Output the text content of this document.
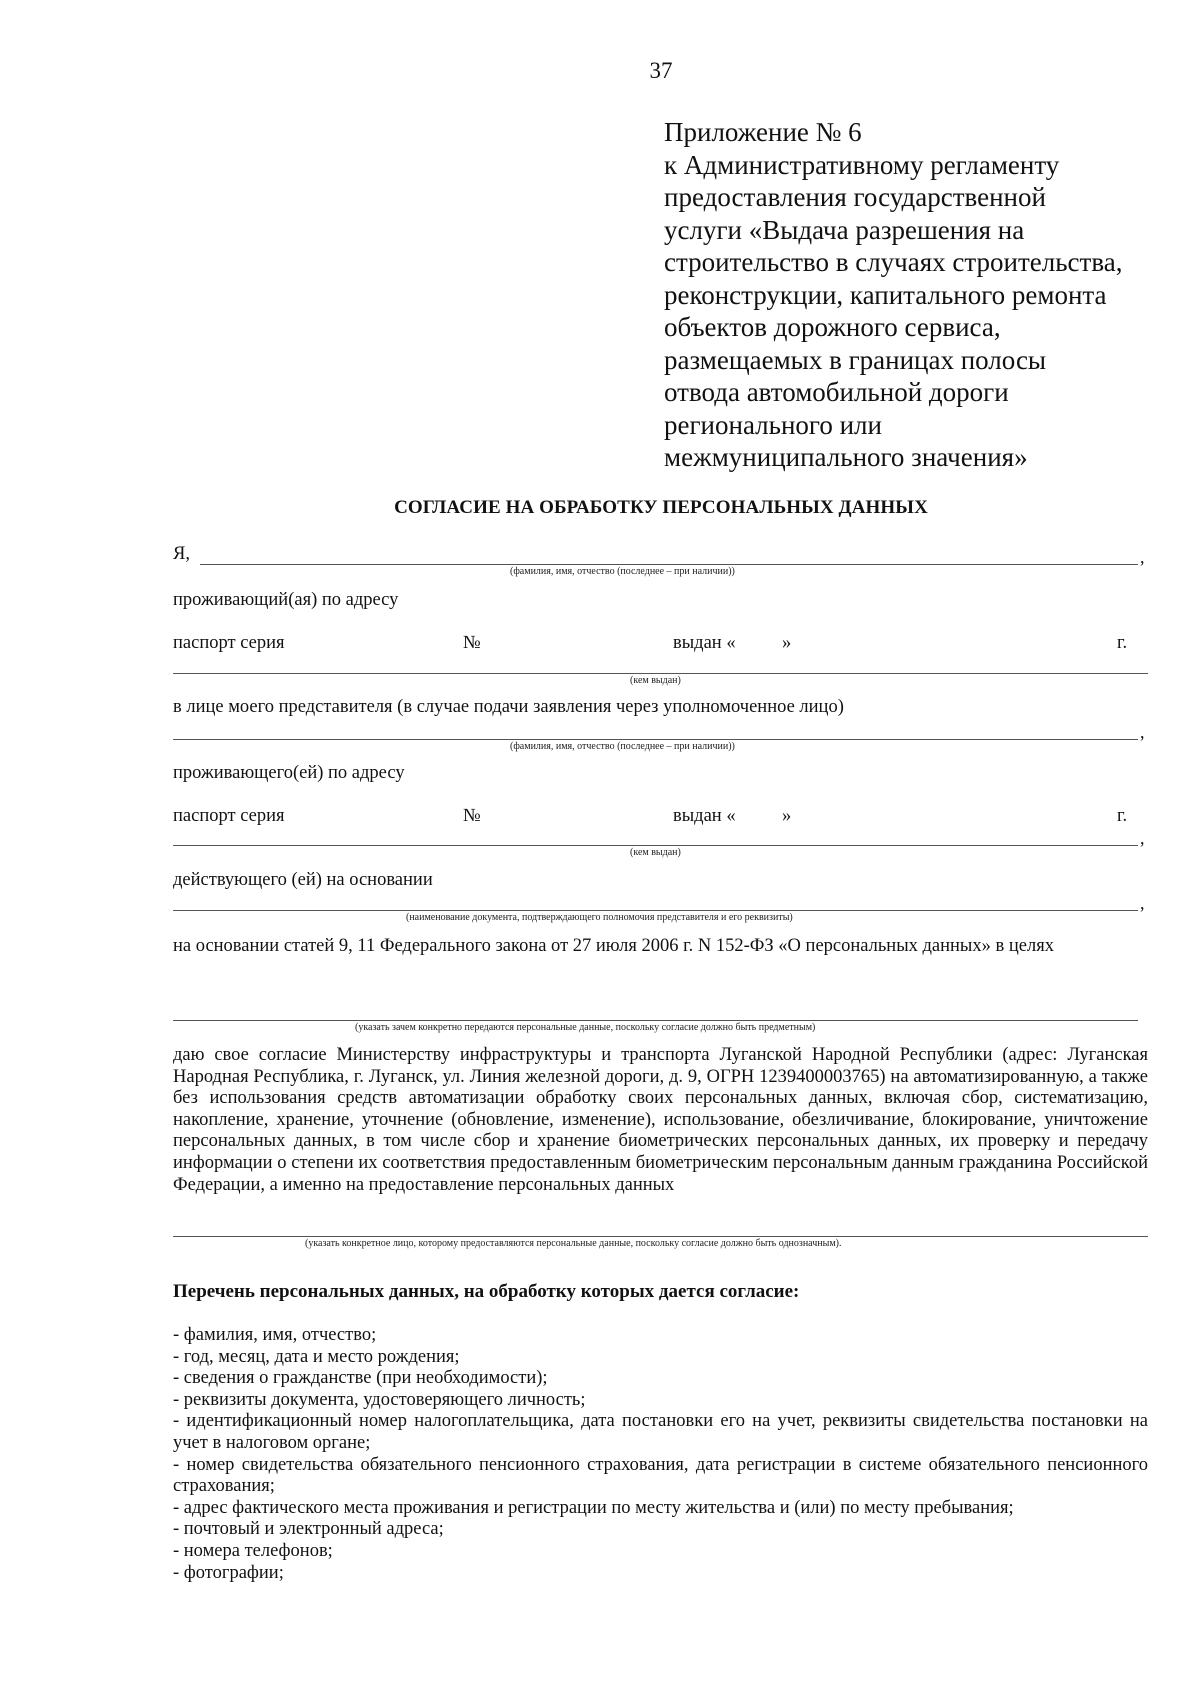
37
Приложение № 6
к Административному регламенту
предоставления государственной
услуги «Выдача разрешения на
строительство в случаях строительства,
реконструкции, капитального ремонта
объектов дорожного сервиса,
размещаемых в границах полосы
отвода автомобильной дороги
регионального или
межмуниципального значения»
СОГЛАСИЕ НА ОБРАБОТКУ ПЕРСОНАЛЬНЫХ ДАННЫХ
Я,
(фамилия, имя, отчество (последнее – при наличии))
,
проживающий(ая) по адресу
паспорт серия	№	выдан «	»	г.
(кем выдан)
в лице моего представителя (в случае подачи заявления через уполномоченное лицо)
(фамилия, имя, отчество (последнее – при наличии))
,
проживающего(ей) по адресу
паспорт серия	№	выдан «	»	г.
(кем выдан)
,
действующего (ей) на основании
(наименование документа, подтверждающего полномочия представителя и его реквизиты)
,
на основании статей 9, 11 Федерального закона от 27 июля 2006 г. N 152-ФЗ «О персональных данных» в целях
(указать зачем конкретно передаются персональные данные, поскольку согласие должно быть предметным)
даю свое согласие Министерству инфраструктуры и транспорта Луганской Народной Республики (адрес: Луганская Народная Республика, г. Луганск, ул. Линия железной дороги, д. 9, ОГРН 1239400003765) на автоматизированную, а также без использования средств автоматизации обработку своих персональных данных, включая сбор, систематизацию, накопление, хранение, уточнение (обновление, изменение), использование, обезличивание, блокирование, уничтожение персональных данных, в том числе сбор и хранение биометрических персональных данных, их проверку и передачу информации о степени их соответствия предоставленным биометрическим персональным данным гражданина Российской Федерации, а именно на предоставление персональных данных
(указать конкретное лицо, которому предоставляются персональные данные, поскольку согласие должно быть однозначным).
Перечень персональных данных, на обработку которых дается согласие:
- фамилия, имя, отчество;
- год, месяц, дата и место рождения;
- сведения о гражданстве (при необходимости);
- реквизиты документа, удостоверяющего личность;
- идентификационный номер налогоплательщика, дата постановки его на учет, реквизиты свидетельства постановки на учет в налоговом органе;
- номер свидетельства обязательного пенсионного страхования, дата регистрации в системе обязательного пенсионного страхования;
- адрес фактического места проживания и регистрации по месту жительства и (или) по месту пребывания;
- почтовый и электронный адреса;
- номера телефонов;
- фотографии;
